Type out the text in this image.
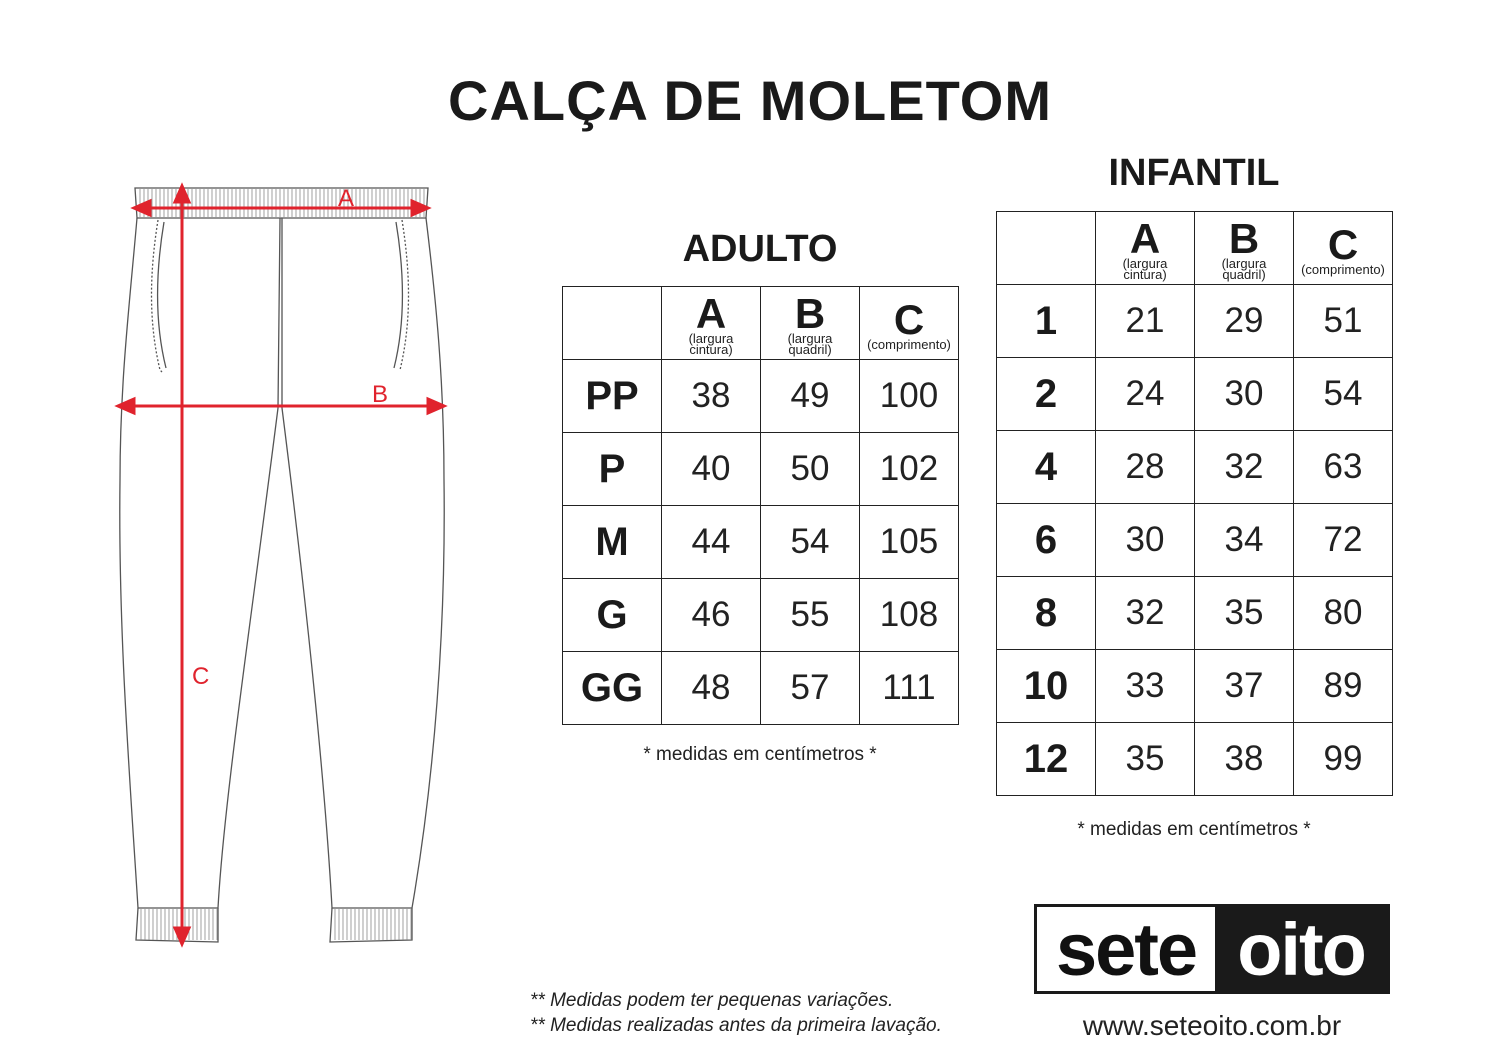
CALÇA DE MOLETOM
A
B
C
ADULTO

	A
(largura
cintura)	B
(largura
quadril)	C
(comprimento)

PP	38	49	100
P	40	50	102
M	44	54	105
G	46	55	108
GG	48	57	111
* medidas em centímetros *
INFANTIL

	A
(largura
cintura)	B
(largura
quadril)	C
(comprimento)

1	21	29	51
2	24	30	54
4	28	32	63
6	30	34	72
8	32	35	80
10	33	37	89
12	35	38	99
* medidas em centímetros *
** Medidas podem ter pequenas variações.
** Medidas realizadas antes da primeira lavação.
sete oito
www.seteoito.com.br
